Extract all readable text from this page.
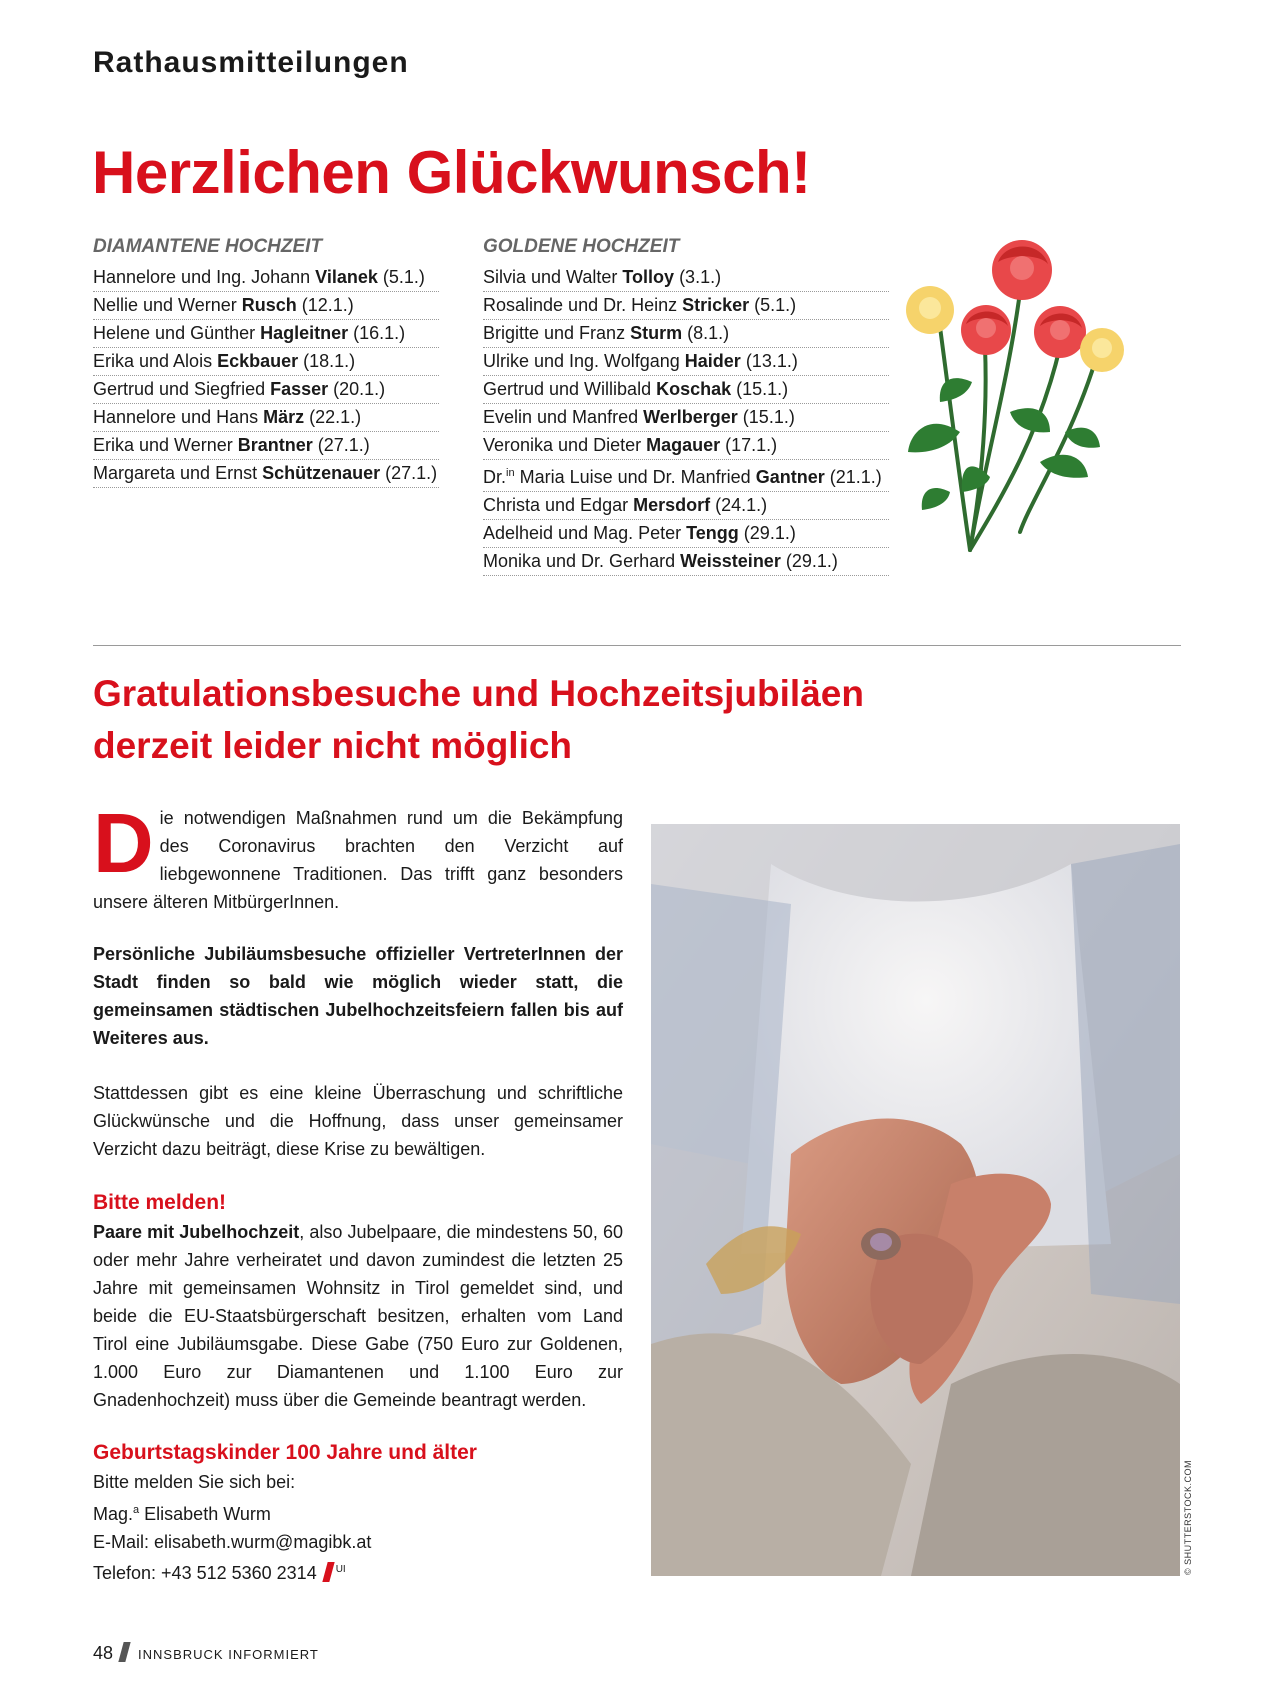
Rathausmitteilungen
Herzlichen Glückwunsch!
DIAMANTENE HOCHZEIT
Hannelore und Ing. Johann Vilanek (5.1.)
Nellie und Werner Rusch (12.1.)
Helene und Günther Hagleitner (16.1.)
Erika und Alois Eckbauer (18.1.)
Gertrud und Siegfried Fasser (20.1.)
Hannelore und Hans März (22.1.)
Erika und Werner Brantner (27.1.)
Margareta und Ernst Schützenauer (27.1.)
GOLDENE HOCHZEIT
Silvia und Walter Tolloy (3.1.)
Rosalinde und Dr. Heinz Stricker (5.1.)
Brigitte und Franz Sturm (8.1.)
Ulrike und Ing. Wolfgang Haider (13.1.)
Gertrud und Willibald Koschak (15.1.)
Evelin und Manfred Werlberger (15.1.)
Veronika und Dieter Magauer (17.1.)
Dr.$^{in}$ Maria Luise und Dr. Manfried Gantner (21.1.)
Christa und Edgar Mersdorf (24.1.)
Adelheid und Mag. Peter Tengg (29.1.)
Monika und Dr. Gerhard Weissteiner (29.1.)
Gratulationsbesuche und Hochzeitsjubiläen
derzeit leider nicht möglich
Die notwendigen Maßnahmen rund um die Bekämpfung des Coronavirus brachten den Verzicht auf liebgewonnene Traditionen. Das trifft ganz besonders unsere älteren MitbürgerInnen.
Persönliche Jubiläumsbesuche offizieller VertreterInnen der Stadt finden so bald wie möglich wieder statt, die gemeinsamen städtischen Jubelhochzeitsfeiern fallen bis auf Weiteres aus.
Stattdessen gibt es eine kleine Überraschung und schriftliche Glückwünsche und die Hoffnung, dass unser gemeinsamer Verzicht dazu beiträgt, diese Krise zu bewältigen.
Bitte melden!
Paare mit Jubelhochzeit, also Jubelpaare, die mindestens 50, 60 oder mehr Jahre verheiratet und davon zumindest die letzten 25 Jahre mit gemeinsamen Wohnsitz in Tirol gemeldet sind, und beide die EU-Staatsbürgerschaft besitzen, erhalten vom Land Tirol eine Jubiläumsgabe. Diese Gabe (750 Euro zur Goldenen, 1.000 Euro zur Diamantenen und 1.100 Euro zur Gnadenhochzeit) muss über die Gemeinde beantragt werden.
Geburtstagskinder 100 Jahre und älter
Bitte melden Sie sich bei:
Mag.$^a$ Elisabeth Wurm
E-Mail: elisabeth.wurm@magibk.at
Telefon: +43 512 5360 2314 $^{UI}$	© SHUTTERSTOCK.COM
48 INNSBRUCK INFORMIERT
